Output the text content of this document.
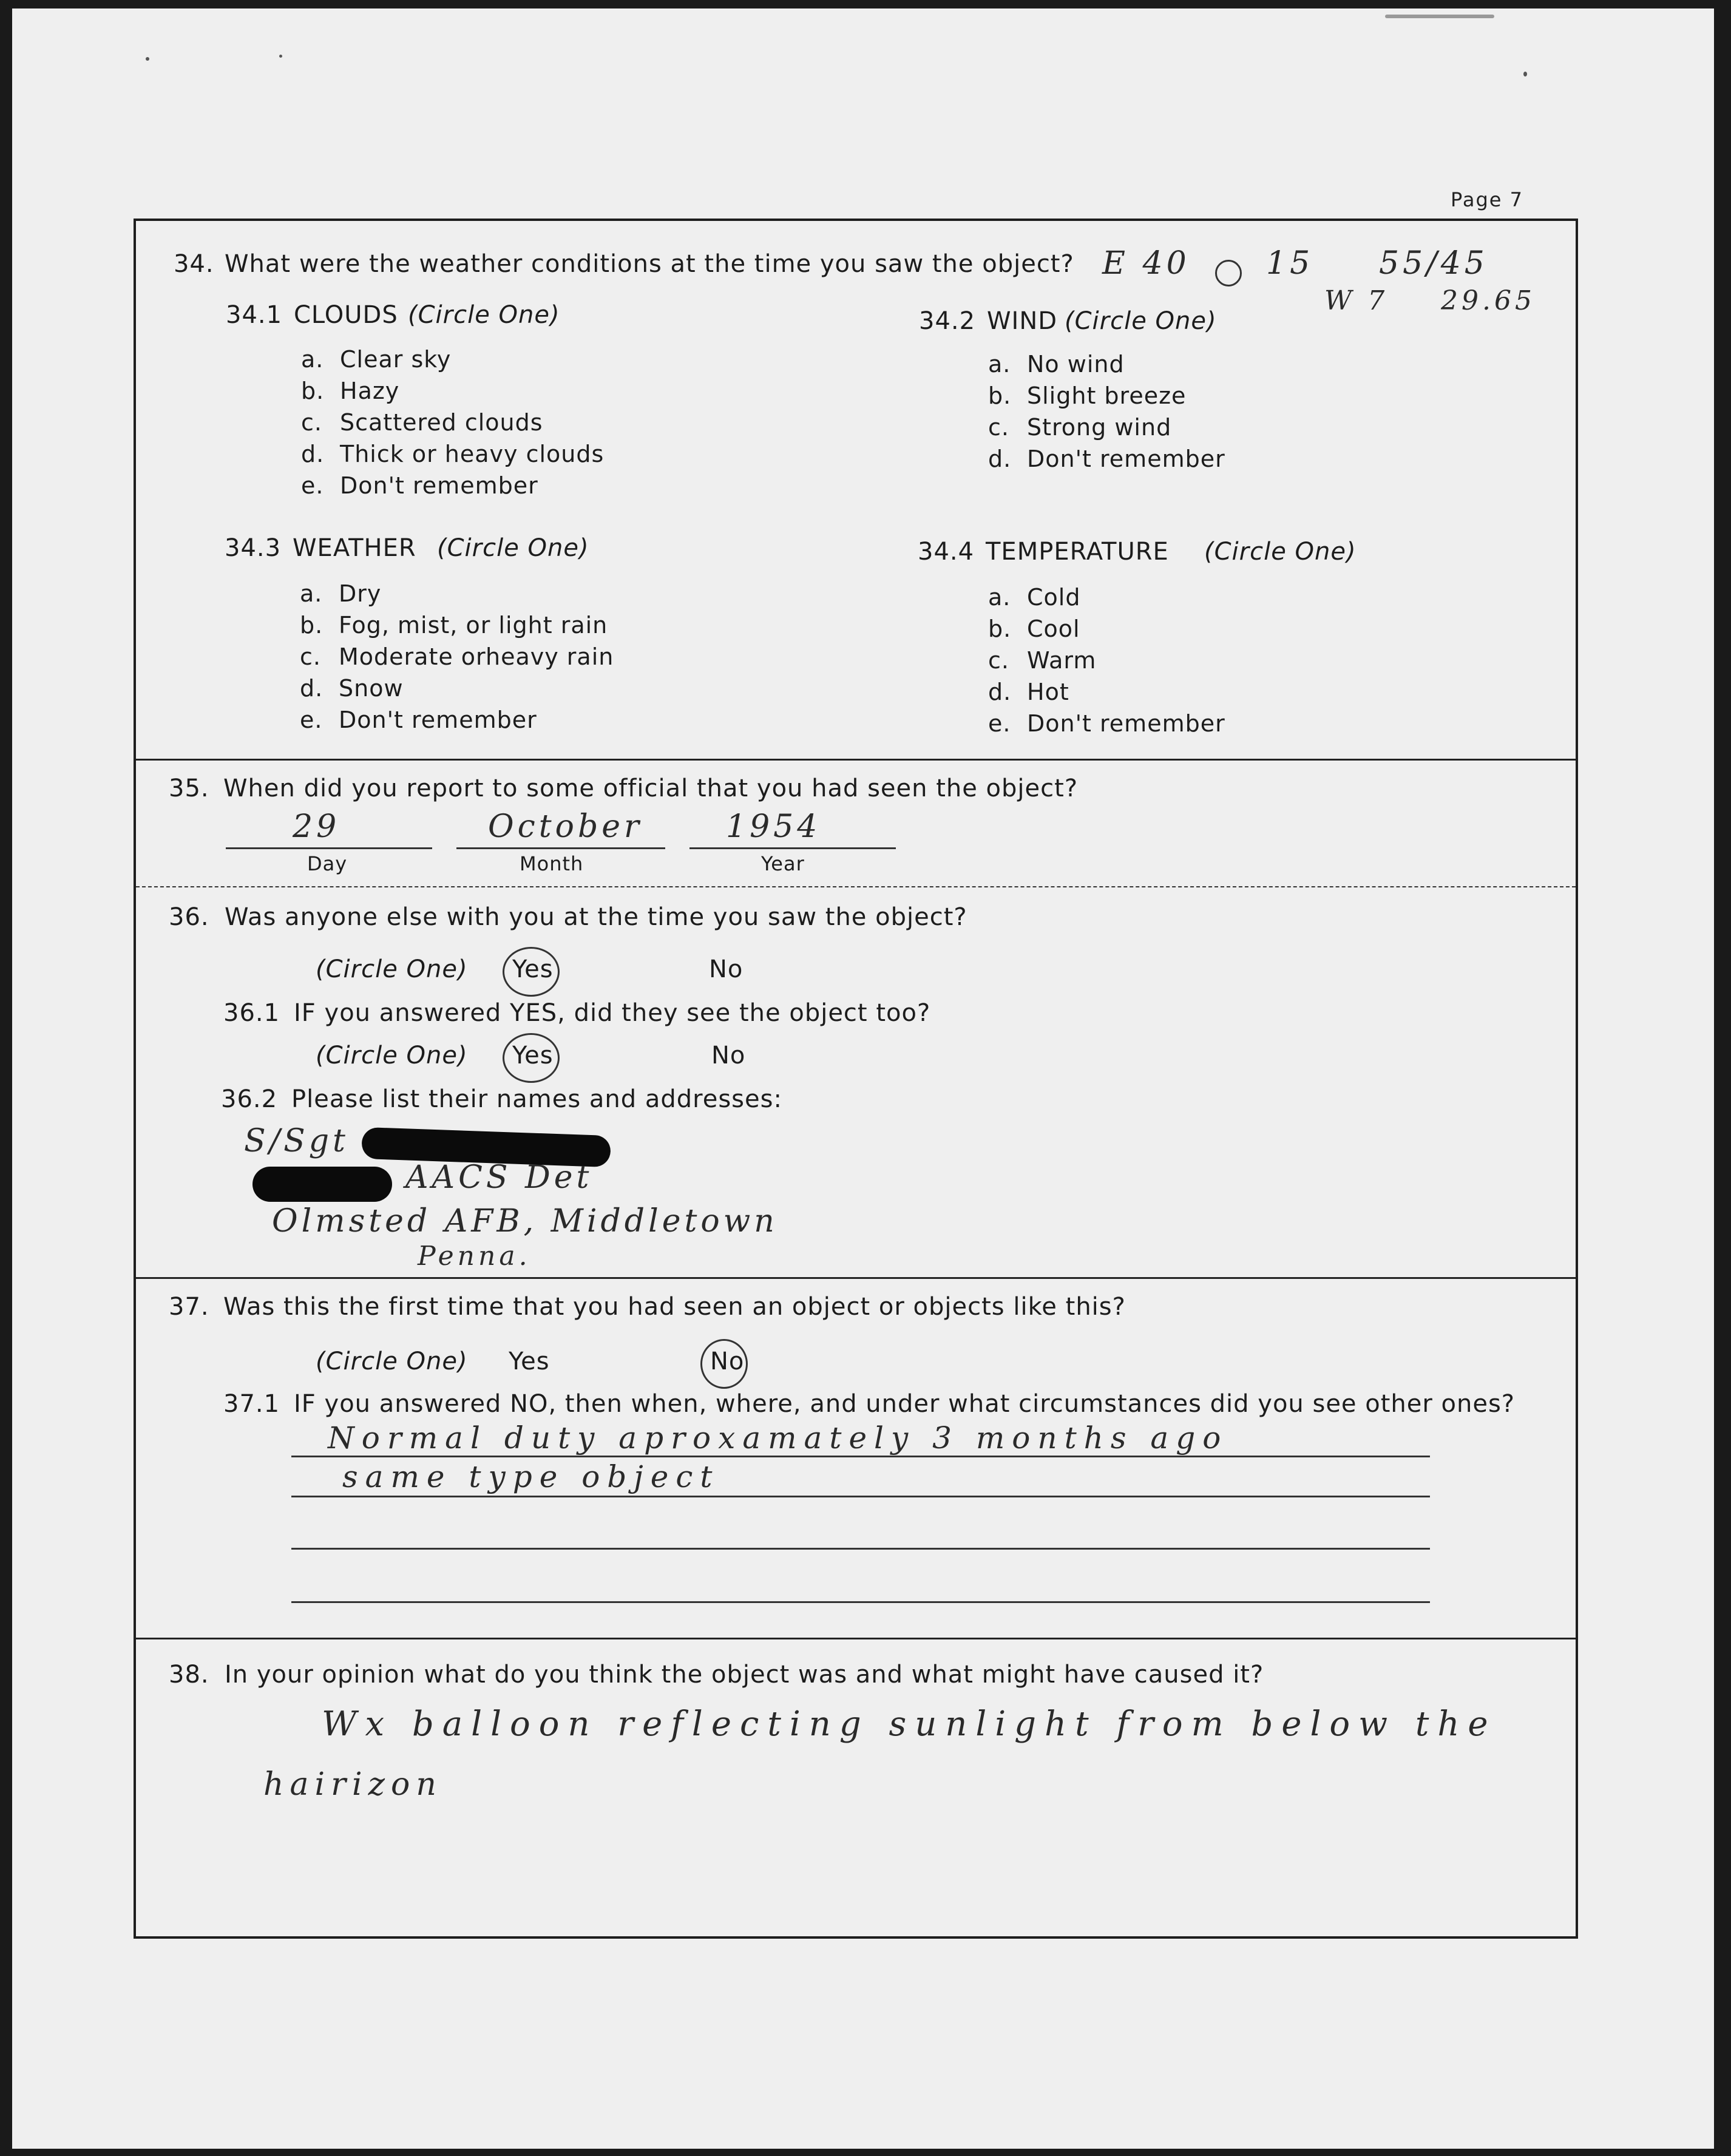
Page 7
34. What were the weather conditions at the time you saw the object? E 40 15 55/45
W 7 29.65
34.1 CLOUDS (Circle One)
a. Clear sky
b. Hazy
c. Scattered clouds
d. Thick or heavy clouds
e. Don't remember
34.2 WIND (Circle One)
a. No wind
b. Slight breeze
c. Strong wind
d. Don't remember
34.3 WEATHER (Circle One)
a. Dry
b. Fog, mist, or light rain
c. Moderate orheavy rain
d. Snow
e. Don't remember
34.4 TEMPERATURE (Circle One)
a. Cold
b. Cool
c. Warm
d. Hot
e. Don't remember
35. When did you report to some official that you had seen the object?
29
Day
October
Month
1954
Year
36. Was anyone else with you at the time you saw the object?
(Circle One) Yes	No
36.1 IF you answered YES, did they see the object too?
(Circle One) Yes	No
36.2 Please list their names and addresses:
S/Sgt
AACS Det
Olmsted AFB, Middletown
Penna.
37. Was this the first time that you had seen an object or objects like this?
(Circle One) Yes	No
37.1 IF you answered NO, then when, where, and under what circumstances did you see other ones?
Normal duty aproxamately 3 months ago
same type object
38. In your opinion what do you think the object was and what might have caused it?
Wx balloon reflecting sunlight from below the
hairizon
